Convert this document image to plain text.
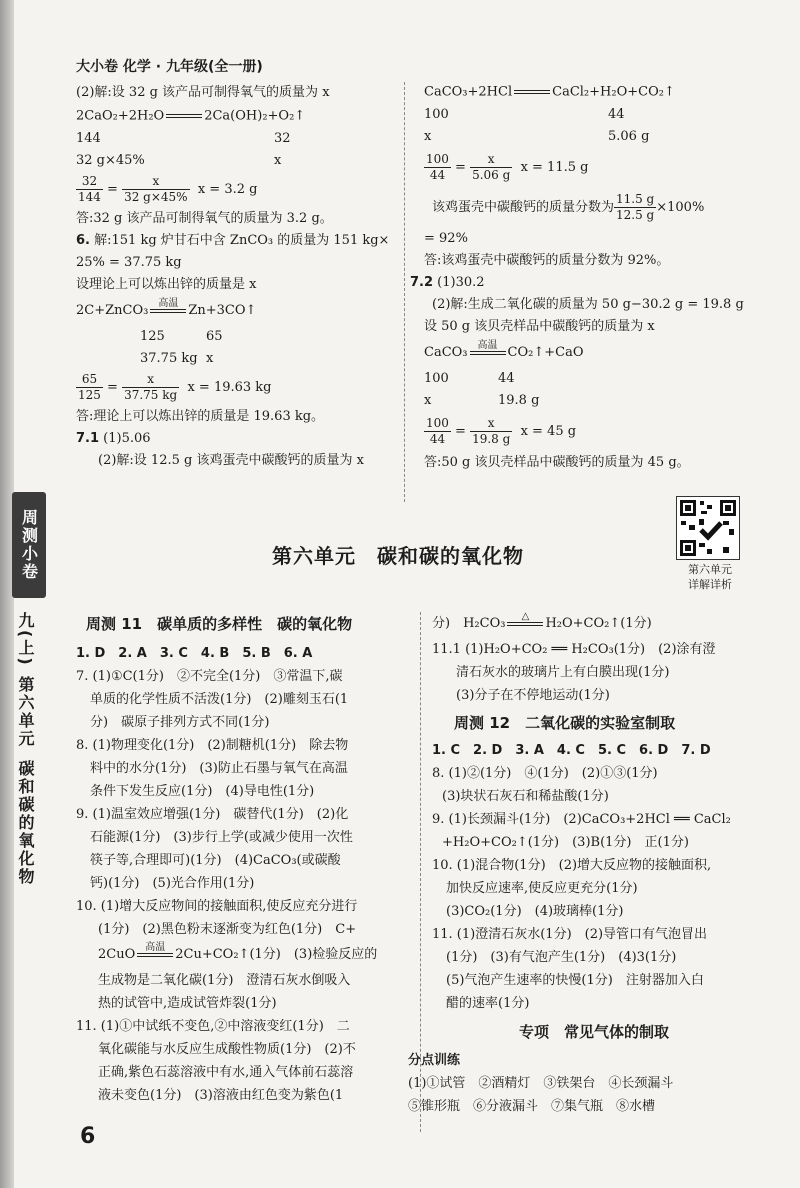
大小卷 化学 · 九年级(全一册)

(2)解:设 32 g 该产品可制得氧气的质量为 x

2CaO₂+2H₂O

	2Ca(OH)₂+O₂↑

144	32

32 g×45%	x

$\frac{32}{144} = \frac{x}{32 g\times 45\%}$ x = 3.2 g

答:32 g 该产品可制得氧气的质量为 3.2 g。

6. 解:151 kg 炉甘石中含 ZnCO₃ 的质量为 151 kg×

25% = 37.75 kg

设理论上可以炼出锌的质量是 x

2C+ZnCO₃ 高温
Zn+3CO↑

125	65

37.75 kg x

$\frac{65}{125} = \frac{x}{37.75 kg}$ x = 19.63 kg

答:理论上可以炼出锌的质量是 19.63 kg。

7.1 (1)5.06

(2)解:设 12.5 g 该鸡蛋壳中碳酸钙的质量为 x

CaCO₃+2HCl

	CaCl₂+H₂O+CO₂↑

100	44

x	5.06 g

$\frac{100}{44} = \frac{x}{5.06 g}$ x = 11.5 g

该鸡蛋壳中碳酸钙的质量分数为 $\frac{11.5 g}{12.5 g} \times 100\%$

= 92%

答:该鸡蛋壳中碳酸钙的质量分数为 92%。

7.2 (1)30.2

(2)解:生成二氧化碳的质量为 50 g−30.2 g = 19.8 g

设 50 g 该贝壳样品中碳酸钙的质量为 x

CaCO₃ 高温
CO₂↑+CaO

100	44

x	19.8 g

$\frac{100}{44} = \frac{x}{19.8 g}$ x = 45 g

答:50 g 该贝壳样品中碳酸钙的质量为 45 g。

第六单元
详解详析
第六单元　碳和碳的氧化物
周测小卷
九(上)
第六单元
碳和碳的氧化物

周测 11　碳单质的多样性　碳的氧化物

1. D　2. A　3. C　4. B　5. B　6. A

7. (1)①C(1分)　②不完全(1分)　③常温下,碳

单质的化学性质不活泼(1分)　(2)雕刻玉石(1

分)　碳原子排列方式不同(1分)

8. (1)物理变化(1分)　(2)制糖机(1分)　除去物

料中的水分(1分)　(3)防止石墨与氧气在高温

条件下发生反应(1分)　(4)导电性(1分)

9. (1)温室效应增强(1分)　碳替代(1分)　(2)化

石能源(1分)　(3)步行上学(或减少使用一次性

筷子等,合理即可)(1分)　(4)CaCO₃(或碳酸

钙)(1分)　(5)光合作用(1分)

10. (1)增大反应物间的接触面积,使反应充分进行

(1分)　(2)黑色粉末逐渐变为红色(1分)　C+

2CuO 高温
2Cu+CO₂↑(1分)　(3)检验反应的

生成物是二氧化碳(1分)　澄清石灰水倒吸入

热的试管中,造成试管炸裂(1分)

11. (1)①中试纸不变色,②中溶液变红(1分)　二

氧化碳能与水反应生成酸性物质(1分)　(2)不

正确,紫色石蕊溶液中有水,通入气体前石蕊溶

液未变色(1分)　(3)溶液由红色变为紫色(1

分)　H₂CO₃ △
H₂O+CO₂↑(1分)

11.1 (1)H₂O+CO₂ ══ H₂CO₃(1分)　(2)涂有澄

清石灰水的玻璃片上有白膜出现(1分)

(3)分子在不停地运动(1分)

周测 12　二氧化碳的实验室制取

1. C　2. D　3. A　4. C　5. C　6. D　7. D

8. (1)②(1分)　④(1分)　(2)①③(1分)

(3)块状石灰石和稀盐酸(1分)

9. (1)长颈漏斗(1分)　(2)CaCO₃+2HCl ══ CaCl₂

+H₂O+CO₂↑(1分)　(3)B(1分)　正(1分)

10. (1)混合物(1分)　(2)增大反应物的接触面积,

加快反应速率,使反应更充分(1分)

(3)CO₂(1分)　(4)玻璃棒(1分)

11. (1)澄清石灰水(1分)　(2)导管口有气泡冒出

(1分)　(3)有气泡产生(1分)　(4)3(1分)

(5)气泡产生速率的快慢(1分)　注射器加入白

醋的速率(1分)

专项　常见气体的制取

分点训练

(1)①试管　②酒精灯　③铁架台　④长颈漏斗

⑤锥形瓶　⑥分液漏斗　⑦集气瓶　⑧水槽

6
